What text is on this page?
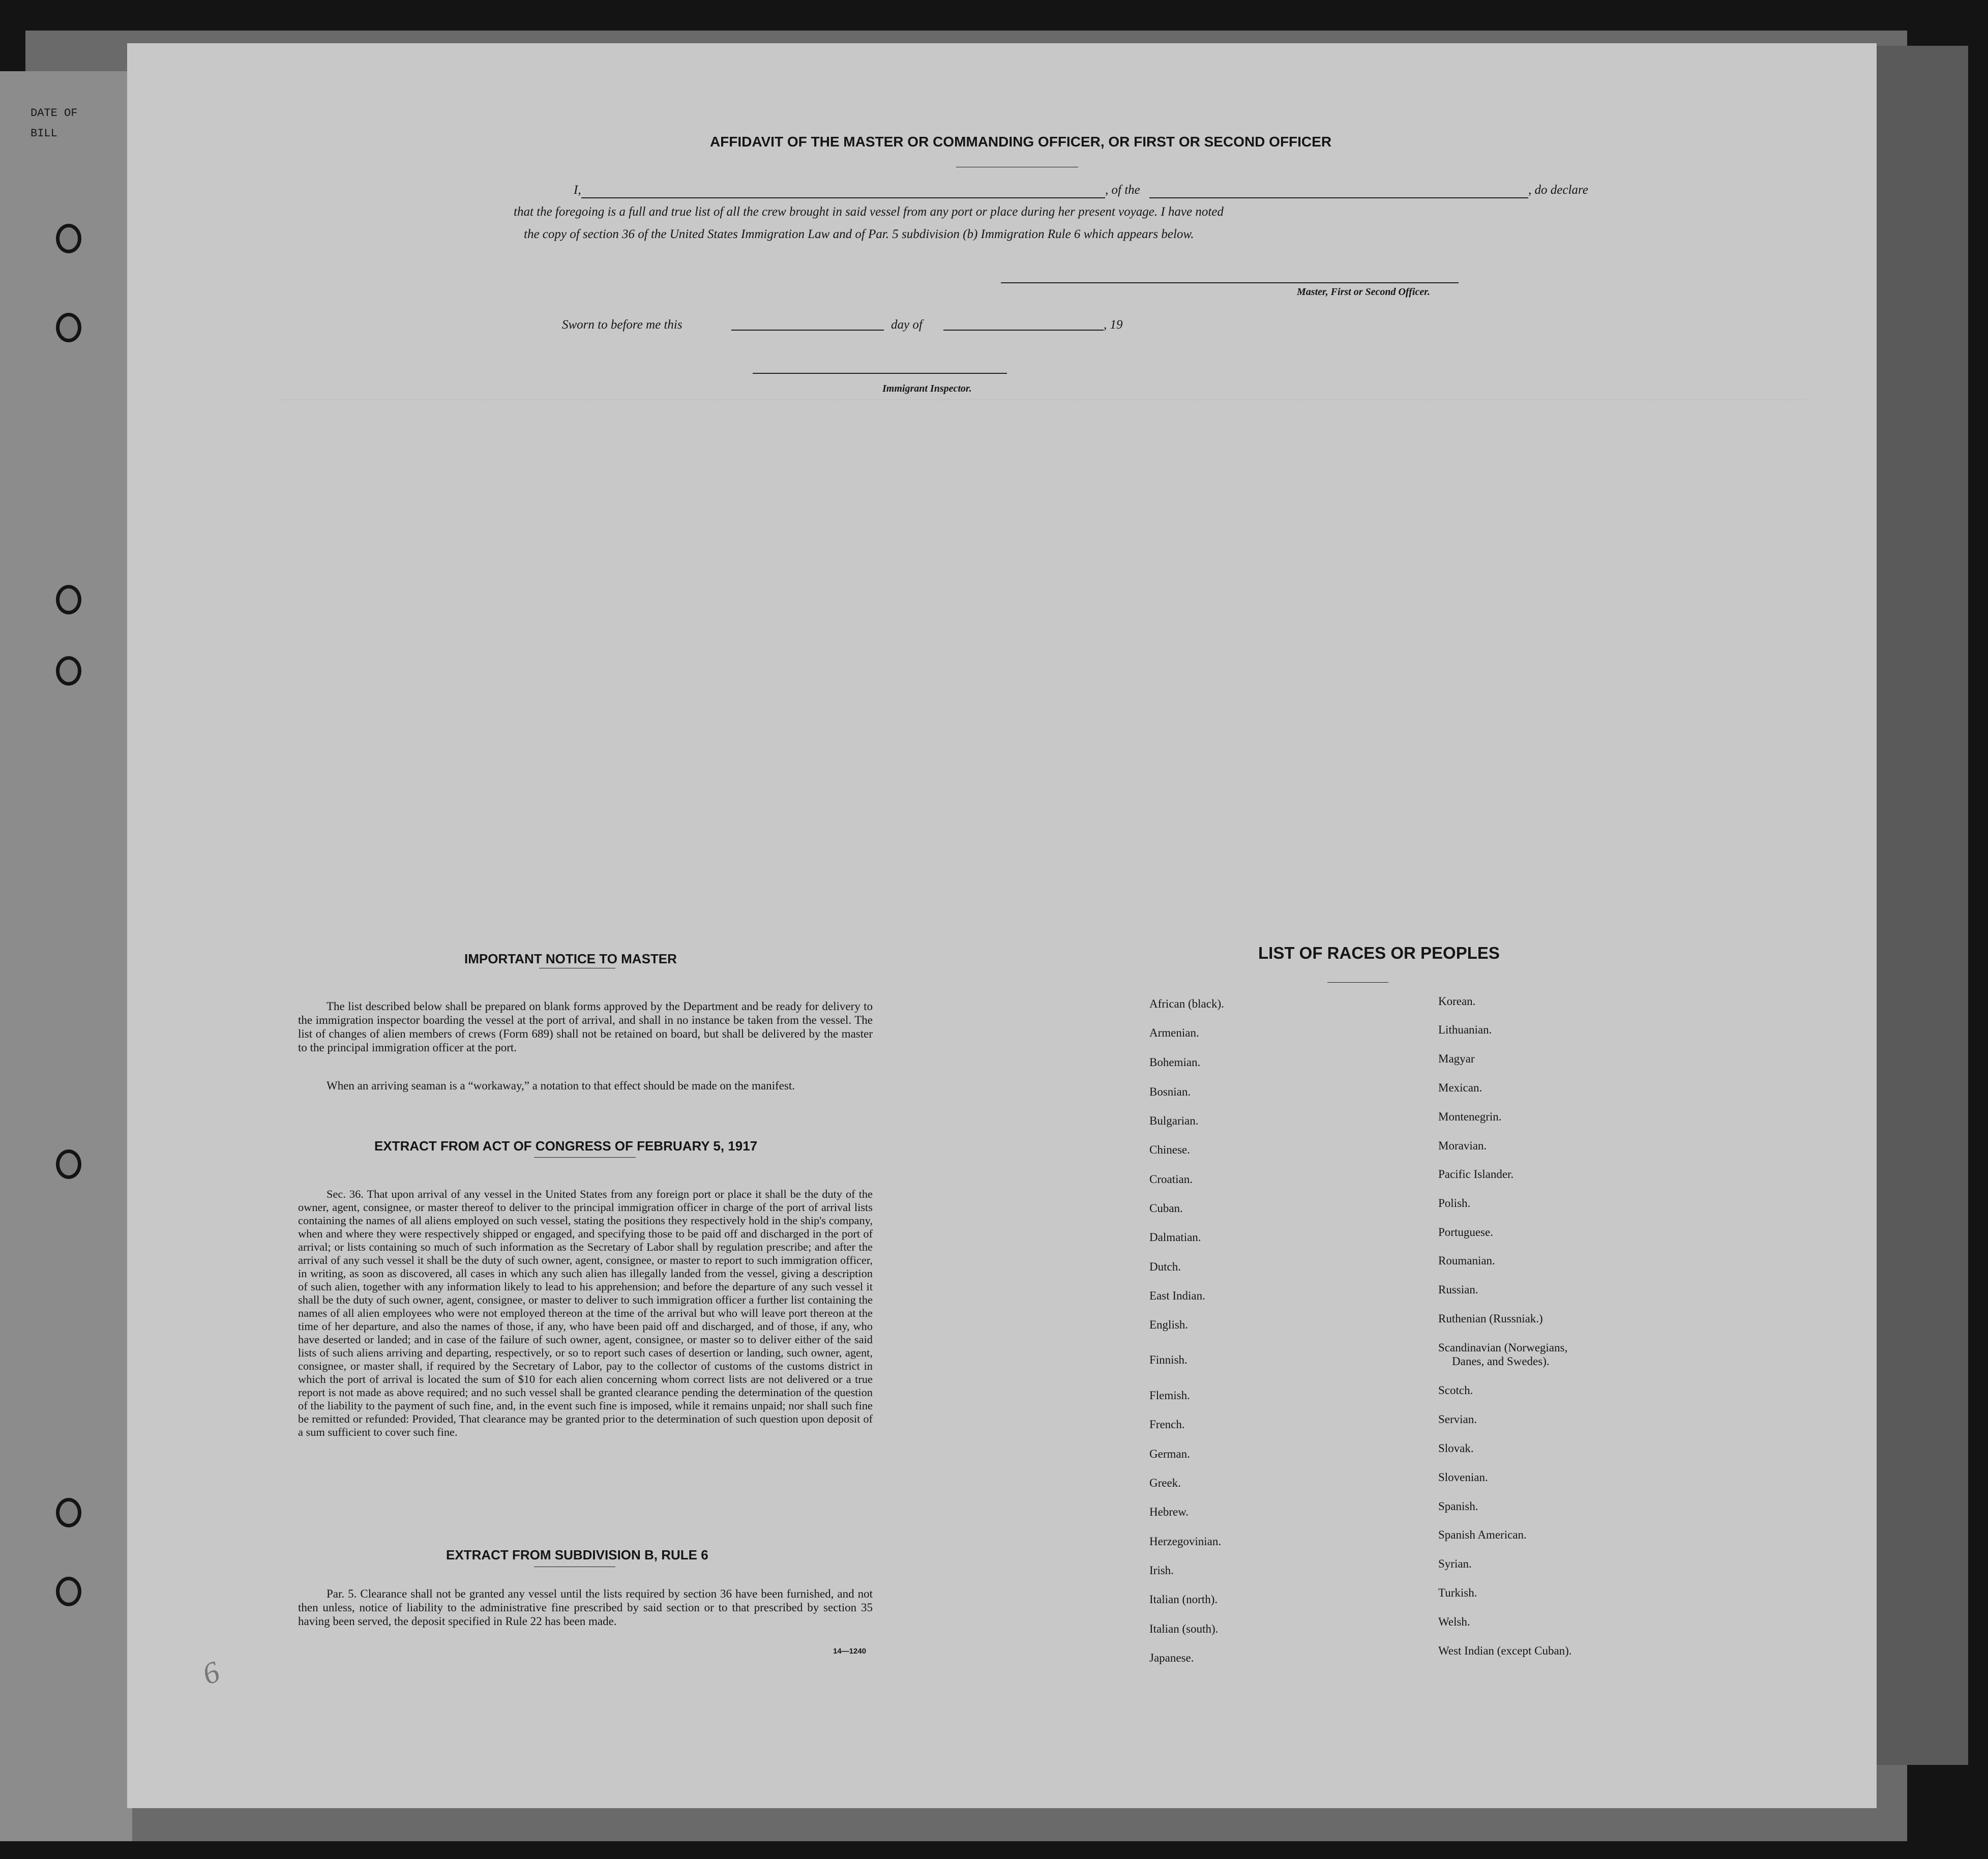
DATE OF
BILL
AFFIDAVIT OF THE MASTER OR COMMANDING OFFICER, OR FIRST OR SECOND OFFICER
I,	, of the	, do declare
that the foregoing is a full and true list of all the crew brought in said vessel from any port or place during her present voyage. I have noted
the copy of section 36 of the United States Immigration Law and of Par. 5 subdivision (b) Immigration Rule 6 which appears below.
Master, First or Second Officer.
Sworn to before me this	day of	, 19
Immigrant Inspector.
IMPORTANT NOTICE TO MASTER
The list described below shall be prepared on blank forms approved by the Department and be ready for delivery to the immigration inspector boarding the vessel at the port of arrival, and shall in no instance be taken from the vessel. The list of changes of alien members of crews (Form 689) shall not be retained on board, but shall be delivered by the master to the principal immigration officer at the port.
When an arriving seaman is a “workaway,” a notation to that effect should be made on the manifest.
EXTRACT FROM ACT OF CONGRESS OF FEBRUARY 5, 1917
Sec. 36. That upon arrival of any vessel in the United States from any foreign port or place it shall be the duty of the owner, agent, consignee, or master thereof to deliver to the principal immigration officer in charge of the port of arrival lists containing the names of all aliens employed on such vessel, stating the positions they respectively hold in the ship's company, when and where they were respectively shipped or engaged, and specifying those to be paid off and discharged in the port of arrival; or lists containing so much of such information as the Secretary of Labor shall by regulation prescribe; and after the arrival of any such vessel it shall be the duty of such owner, agent, consignee, or master to report to such immigration officer, in writing, as soon as discovered, all cases in which any such alien has illegally landed from the vessel, giving a description of such alien, together with any information likely to lead to his apprehension; and before the departure of any such vessel it shall be the duty of such owner, agent, consignee, or master to deliver to such immigration officer a further list containing the names of all alien employees who were not employed thereon at the time of the arrival but who will leave port thereon at the time of her departure, and also the names of those, if any, who have been paid off and discharged, and of those, if any, who have deserted or landed; and in case of the failure of such owner, agent, consignee, or master so to deliver either of the said lists of such aliens arriving and departing, respectively, or so to report such cases of desertion or landing, such owner, agent, consignee, or master shall, if required by the Secretary of Labor, pay to the collector of customs of the customs district in which the port of arrival is located the sum of $10 for each alien concerning whom correct lists are not delivered or a true report is not made as above required; and no such vessel shall be granted clearance pending the determination of the question of the liability to the payment of such fine, and, in the event such fine is imposed, while it remains unpaid; nor shall such fine be remitted or refunded: Provided, That clearance may be granted prior to the determination of such question upon deposit of a sum sufficient to cover such fine.
EXTRACT FROM SUBDIVISION B, RULE 6
Par. 5. Clearance shall not be granted any vessel until the lists required by section 36 have been furnished, and not then unless, notice of liability to the administrative fine prescribed by said section or to that prescribed by section 35 having been served, the deposit specified in Rule 22 has been made.
14—1240
LIST OF RACES OR PEOPLES
African (black).
Armenian.
Bohemian.
Bosnian.
Bulgarian.
Chinese.
Croatian.
Cuban.
Dalmatian.
Dutch.
East Indian.
English.
Finnish.
Flemish.
French.
German.
Greek.
Hebrew.
Herzegovinian.
Irish.
Italian (north).
Italian (south).
Japanese.
Korean.
Lithuanian.
Magyar
Mexican.
Montenegrin.
Moravian.
Pacific Islander.
Polish.
Portuguese.
Roumanian.
Russian.
Ruthenian (Russniak.)
Scandinavian (Norwegians,
Danes, and Swedes).
Scotch.
Servian.
Slovak.
Slovenian.
Spanish.
Spanish American.
Syrian.
Turkish.
Welsh.
West Indian (except Cuban).
6
